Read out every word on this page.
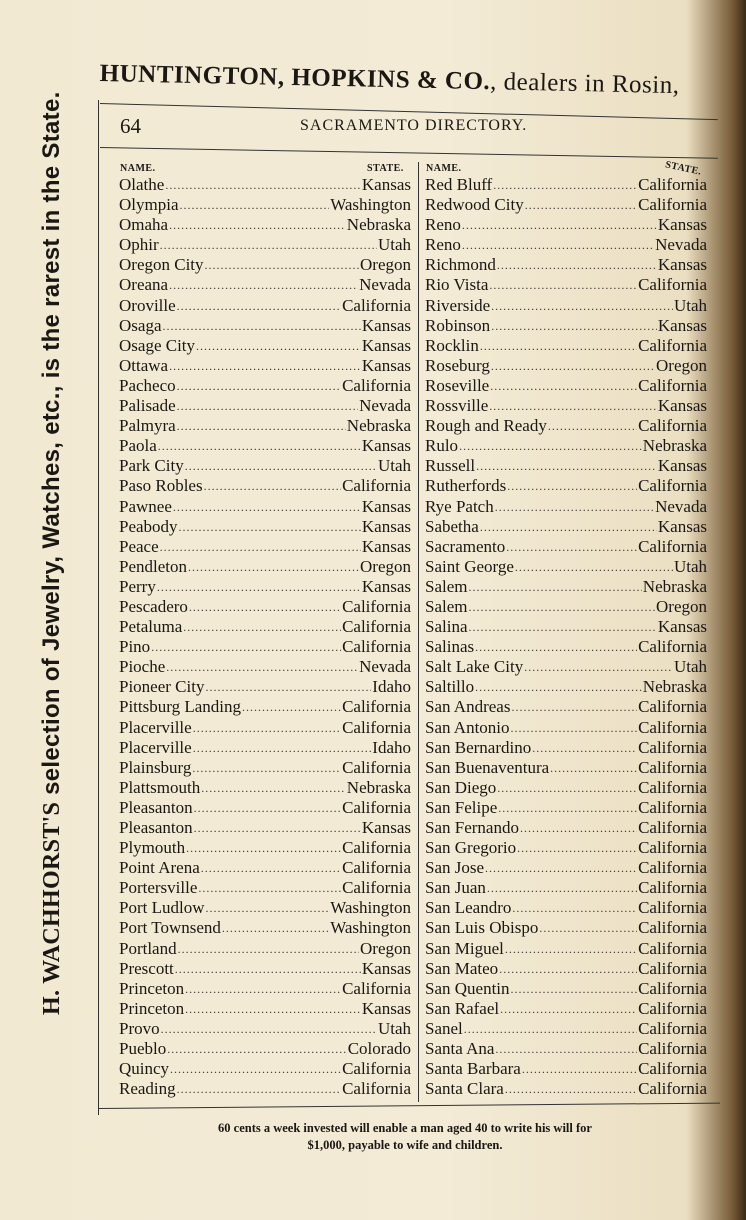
HUNTINGTON, HOPKINS & CO., dealers in Rosin,
H. WACHHORST'S selection of Jewelry, Watches, etc., is the rarest in the State.	64	SACRAMENTO DIRECTORY.
NAME.	STATE. NAME.	STATE.
Olathe .....	Kansas
Olympia .....	Washington
Omaha .....	Nebraska
Ophir .....	Utah
Oregon City .....	Oregon
Oreana .....	Nevada
Oroville .....	California
Osaga .....	Kansas
Osage City .....	Kansas
Ottawa .....	Kansas
Pacheco .....	California
Palisade .....	Nevada
Palmyra .....	Nebraska
Paola .....	Kansas
Park City .....	Utah
Paso Robles .....	California
Pawnee .....	Kansas
Peabody .....	Kansas
Peace .....	Kansas
Pendleton .....	Oregon
Perry .....	Kansas
Pescadero .....	California
Petaluma .....	California
Pino .....	California
Pioche .....	Nevada
Pioneer City .....	Idaho
Pittsburg Landing .....	California
Placerville .....	California
Placerville .....	Idaho
Plainsburg .....	California
Plattsmouth .....	Nebraska
Pleasanton .....	California
Pleasanton .....	Kansas
Plymouth .....	California
Point Arena .....	California
Portersville .....	California
Port Ludlow .....	Washington
Port Townsend .....	Washington
Portland .....	Oregon
Prescott .....	Kansas
Princeton .....	California
Princeton .....	Kansas
Provo .....	Utah
Pueblo .....	Colorado
Quincy .....	California
Reading .....	California
Red Bluff .....	California
Redwood City .....	California
Reno .....	Kansas
Reno .....	Nevada
Richmond .....	Kansas
Rio Vista .....	California
Riverside .....	Utah
Robinson .....	Kansas
Rocklin .....	California
Roseburg .....	Oregon
Roseville .....	California
Rossville .....	Kansas
Rough and Ready .....	California
Rulo .....	Nebraska
Russell .....	Kansas
Rutherfords .....	California
Rye Patch .....	Nevada
Sabetha .....	Kansas
Sacramento .....	California
Saint George .....	Utah
Salem .....	Nebraska
Salem .....	Oregon
Salina .....	Kansas
Salinas .....	California
Salt Lake City .....	Utah
Saltillo .....	Nebraska
San Andreas .....	California
San Antonio .....	California
San Bernardino .....	California
San Buenaventura .....	California
San Diego .....	California
San Felipe .....	California
San Fernando .....	California
San Gregorio .....	California
San Jose .....	California
San Juan .....	California
San Leandro .....	California
San Luis Obispo .....	California
San Miguel .....	California
San Mateo .....	California
San Quentin .....	California
San Rafael .....	California
Sanel .....	California
Santa Ana .....	California
Santa Barbara .....	California
Santa Clara .....	California
60 cents a week invested will enable a man aged 40 to write his will for
$1,000, payable to wife and children.
